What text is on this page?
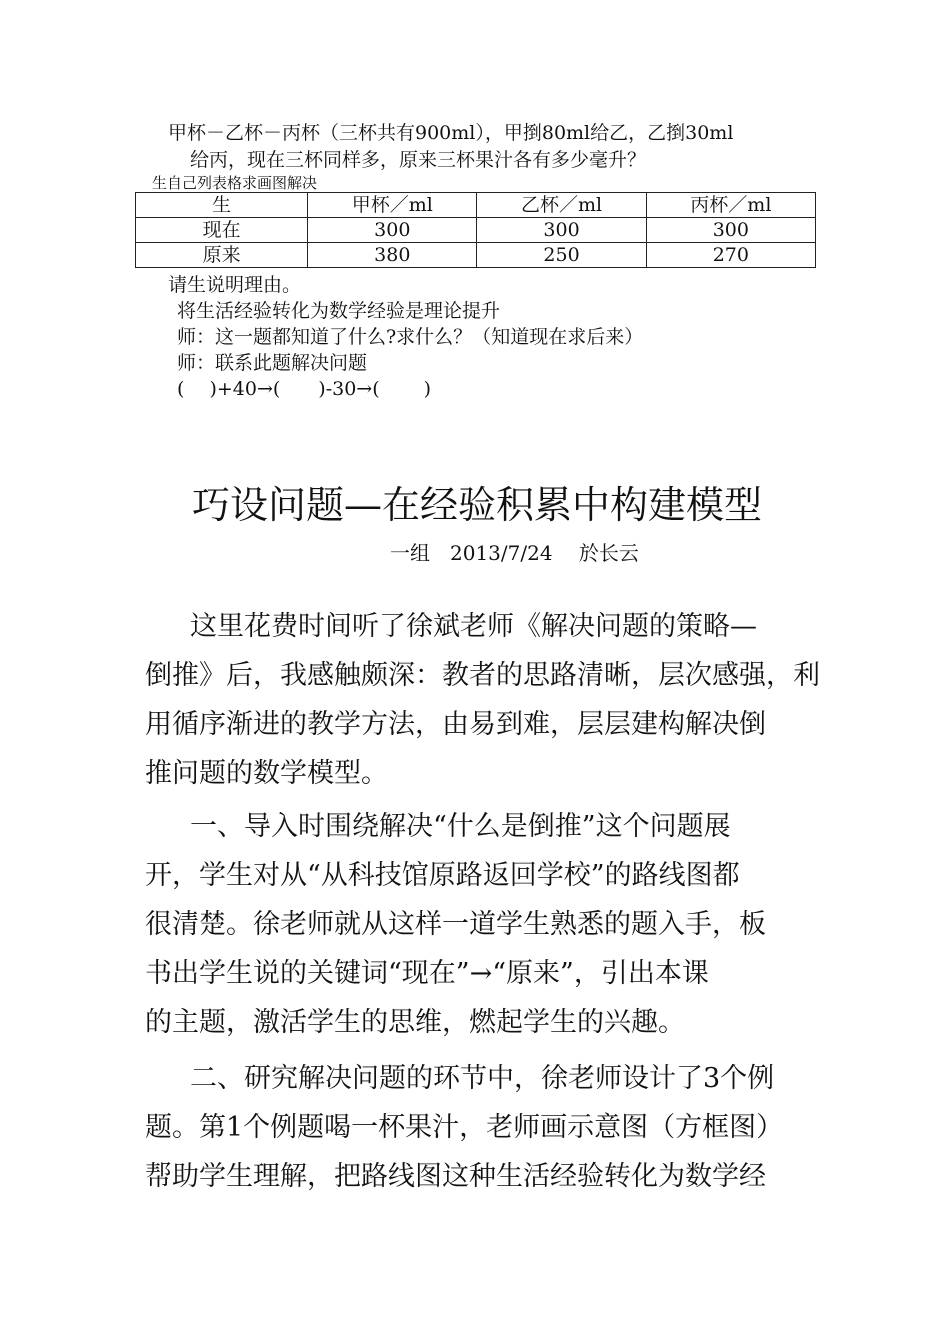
甲杯－乙杯－丙杯（三杯共有900ml），甲捯80ml给乙，乙捯30ml
给丙，现在三杯同样多，原来三杯果汁各有多少毫升？
生自己列表格求画图解决
生	甲杯／ml	乙杯／ml	丙杯／ml
现在	300	300	300
原来	380	250	270
请生说明理由。
将生活经验转化为数学经验是理论提升
师：这一题都知道了什么?求什么？（知道现在求后来）
师：联系此题解决问题
(　 )+40→(　　)-30→(　　 )
巧设问题—在经验积累中构建模型
一组　2013/7/24　 於长云
这里花费时间听了徐斌老师《解决问题的策略—
倒推》后，我感触颇深：教者的思路清晰，层次感强，利
用循序渐进的教学方法，由易到难，层层建构解决倒
推问题的数学模型。
一、导入时围绕解决“什么是倒推”这个问题展
开，学生对从“从科技馆原路返回学校”的路线图都
很清楚。徐老师就从这样一道学生熟悉的题入手，板
书出学生说的关键词“现在”→“原来”，引出本课
的主题，激活学生的思维，燃起学生的兴趣。
二、研究解决问题的环节中，徐老师设计了3个例
题。第1个例题喝一杯果汁，老师画示意图（方框图）
帮助学生理解，把路线图这种生活经验转化为数学经
